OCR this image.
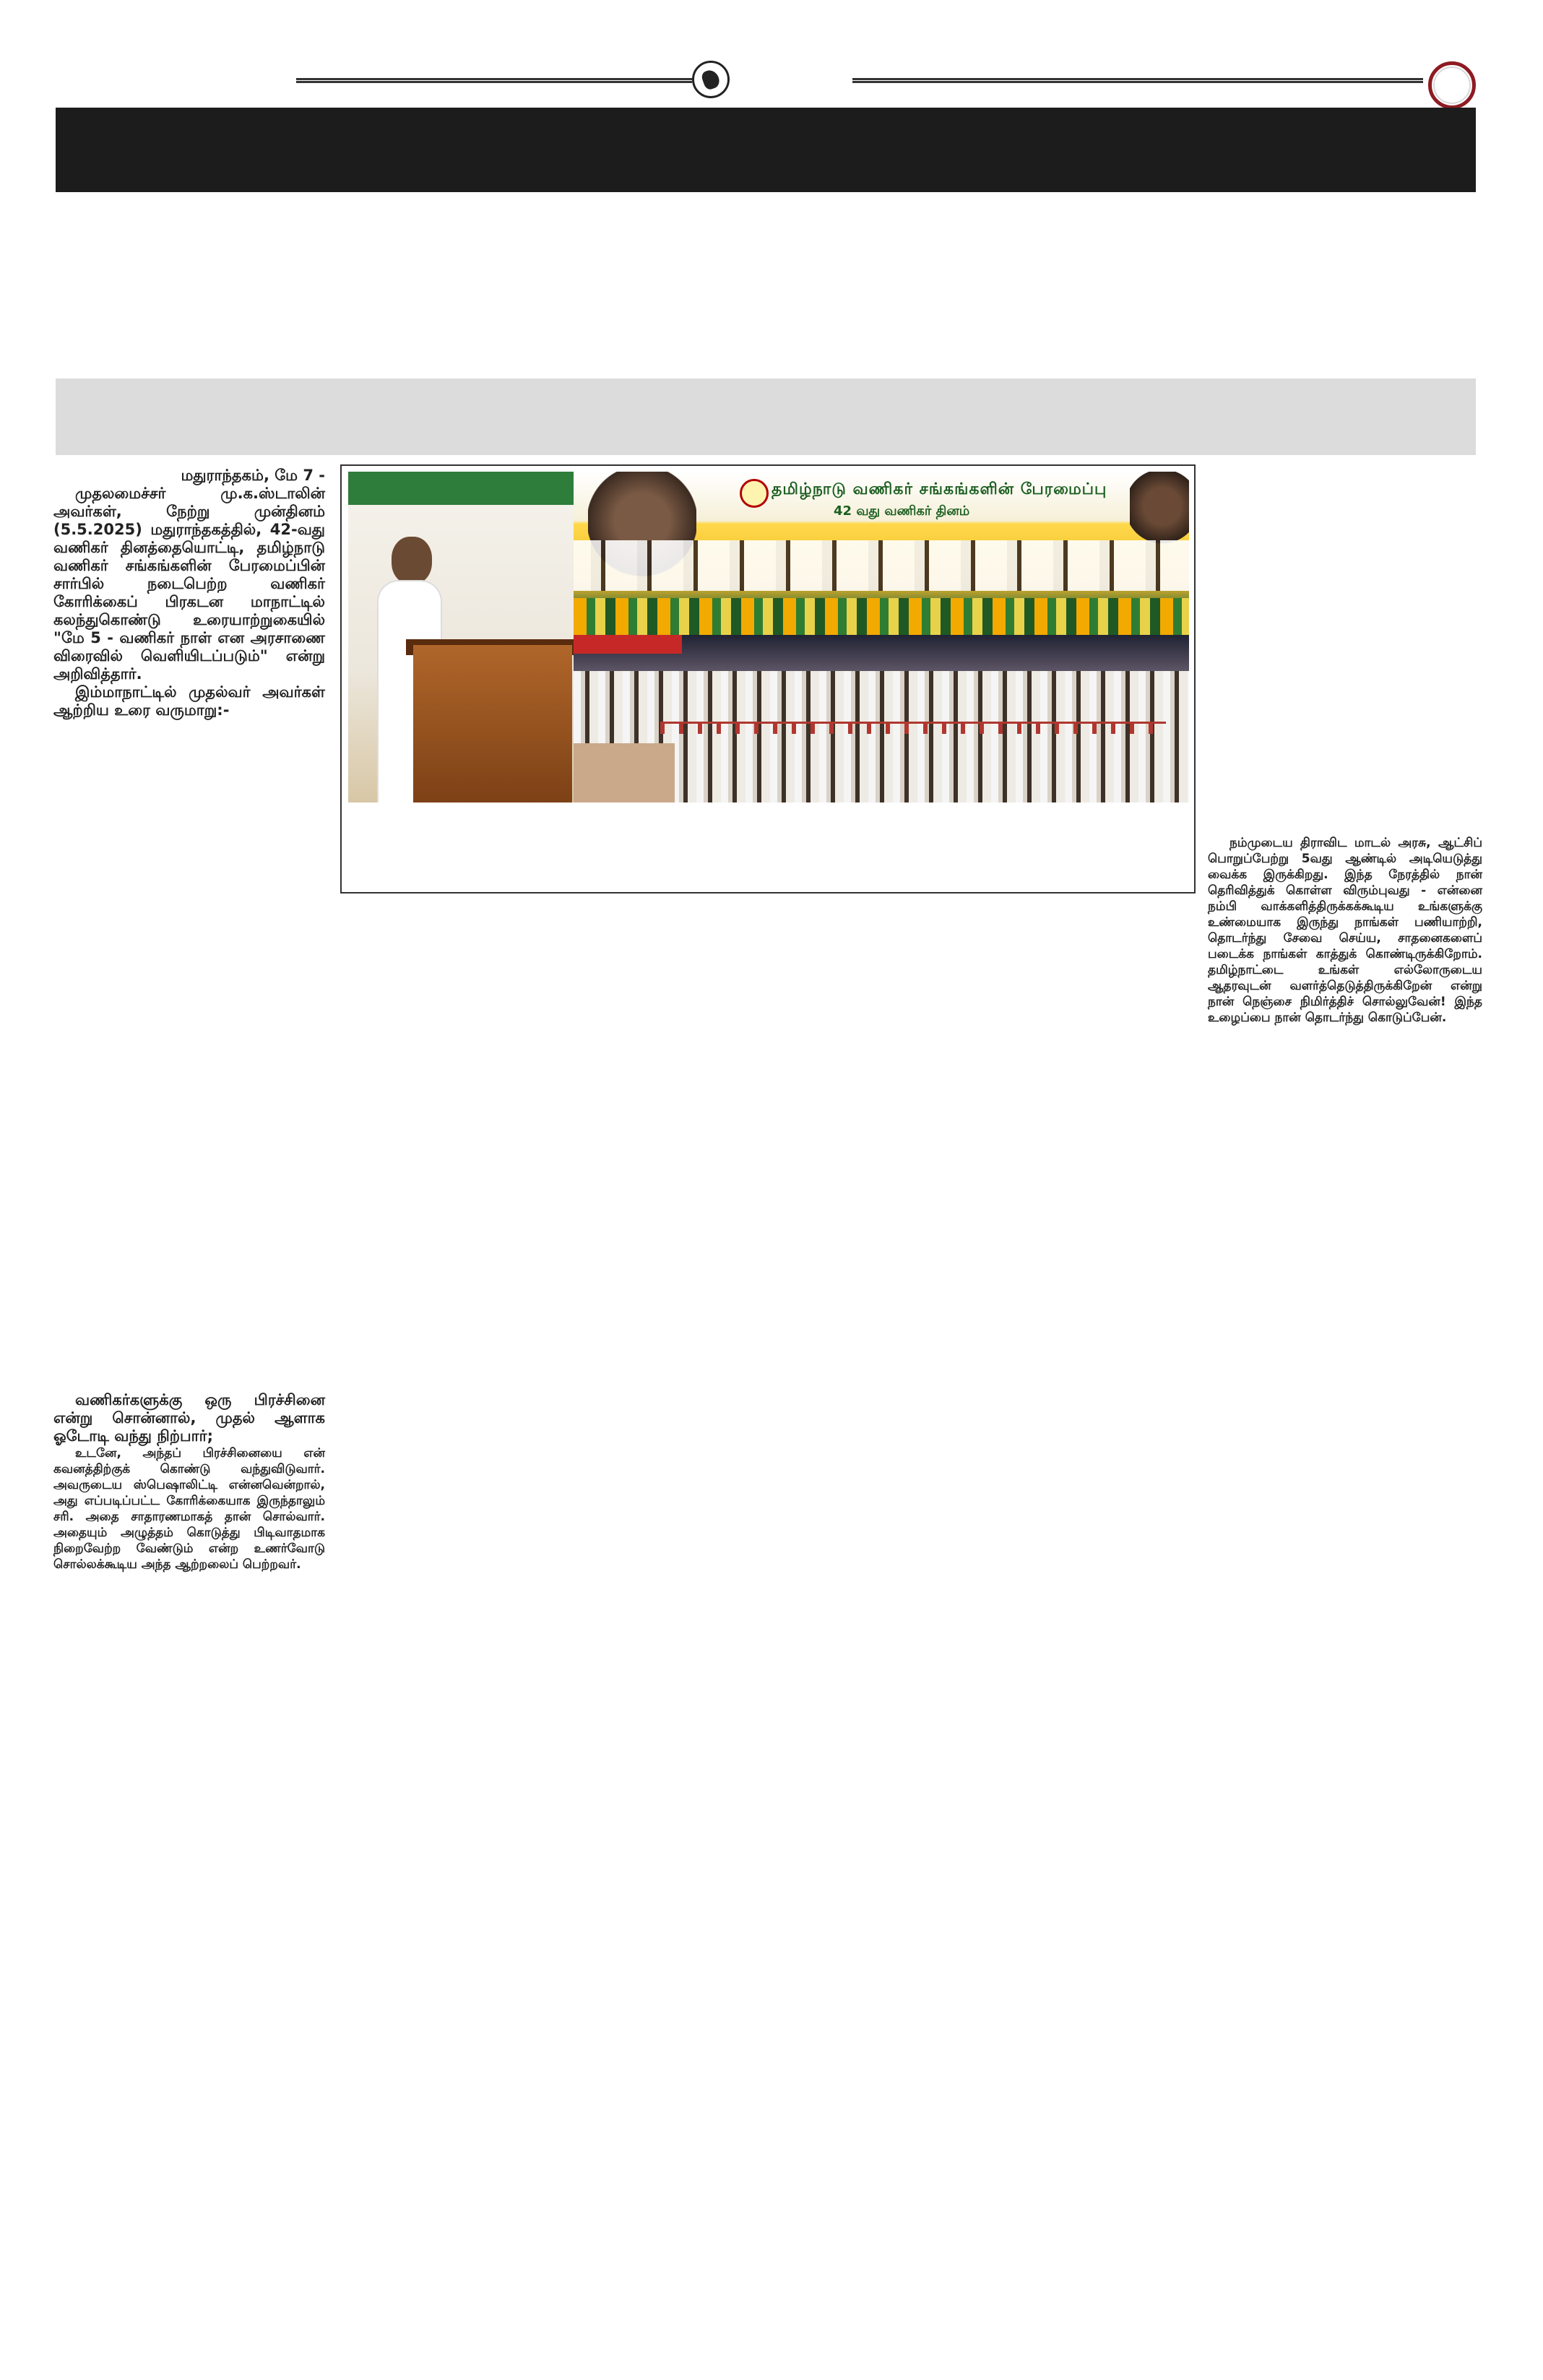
மதுராந்தகம், மே 7 -

முதலமைச்சர் மு.க.ஸ்டாலின் அவர்கள், நேற்று முன்தினம் (5.5.2025) மதுராந்தகத்தில், 42-வது வணிகர் தினத்தையொட்டி, தமிழ்நாடு வணிகர் சங்கங்களின் பேரமைப்பின் சார்பில் நடைபெற்ற வணிகர் கோரிக்கைப் பிரகடன மாநாட்டில் கலந்துகொண்டு உரையாற்றுகையில் "மே 5 - வணிகர் நாள் என அரசாணை விரைவில் வெளியிடப்படும்" என்று அறிவித்தார்.

இம்மாநாட்டில் முதல்வர் அவர்கள் ஆற்றிய உரை வருமாறு:-

தமிழ்நாடு வணிகர் சங்கங்களின் பேரமைப்பு
42 வது வணிகர் தினம்

நம்முடைய திராவிட மாடல் அரசு, ஆட்சிப் பொறுப்பேற்று 5வது ஆண்டில் அடியெடுத்து வைக்க இருக்கிறது. இந்த நேரத்தில் நான் தெரிவித்துக் கொள்ள விரும்புவது - என்னை நம்பி வாக்களித்திருக்கக்கூடிய உங்களுக்கு உண்மையாக இருந்து நாங்கள் பணியாற்றி, தொடர்ந்து சேவை செய்ய, சாதனைகளைப் படைக்க நாங்கள் காத்துக் கொண்டிருக்கிறோம். தமிழ்நாட்டை உங்கள் எல்லோருடைய ஆதரவுடன் வளர்த்தெடுத்திருக்கிறேன் என்று நான் நெஞ்சை நிமிர்த்திச் சொல்லுவேன்! இந்த உழைப்பை நான் தொடர்ந்து கொடுப்பேன்.

வணிகர்களுக்கு ஒரு பிரச்சினை என்று சொன்னால், முதல் ஆளாக ஓடோடி வந்து நிற்பார்;

உடனே, அந்தப் பிரச்சினையை என் கவனத்திற்குக் கொண்டு வந்துவிடுவார். அவருடைய ஸ்பெஷாலிட்டி என்னவென்றால், அது எப்படிப்பட்ட கோரிக்கையாக இருந்தாலும் சரி. அதை சாதாரணமாகத் தான் சொல்வார். அதையும் அழுத்தம் கொடுத்து பிடிவாதமாக நிறைவேற்ற வேண்டும் என்ற உணர்வோடு சொல்லக்கூடிய அந்த ஆற்றலைப் பெற்றவர்.
